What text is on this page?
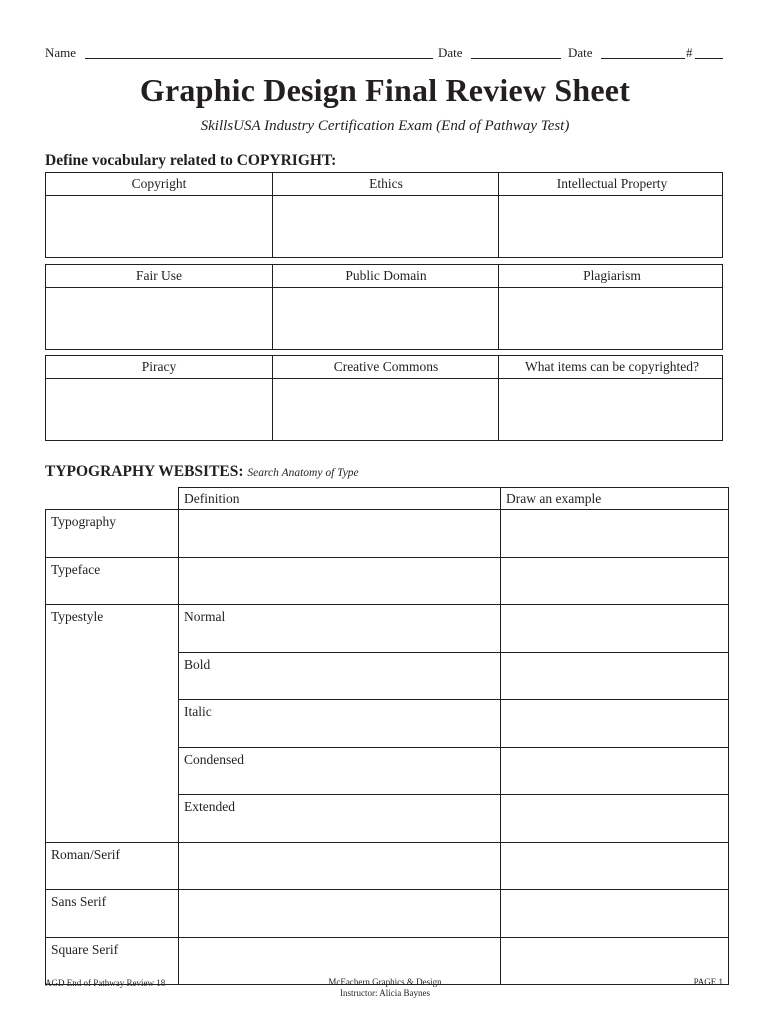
Name	Date	Date	#
Graphic Design Final Review Sheet
SkillsUSA Industry Certification Exam (End of Pathway Test)
Define vocabulary related to COPYRIGHT:
Copyright	Ethics	Intellectual Property
Fair Use	Public Domain	Plagiarism
Piracy	Creative Commons	What items can be copyrighted?
TYPOGRAPHY WEBSITES: Search Anatomy of Type
	Definition	Draw an example
Typography		
Typeface		
Typestyle	Normal	
	Bold	
	Italic	
	Condensed	
	Extended	
Roman/Serif		
Sans Serif		
Square Serif		
AGD End of Pathway Review 18	McEachern Graphics & Design
Instructor: Alicia Baynes
PAGE 1
